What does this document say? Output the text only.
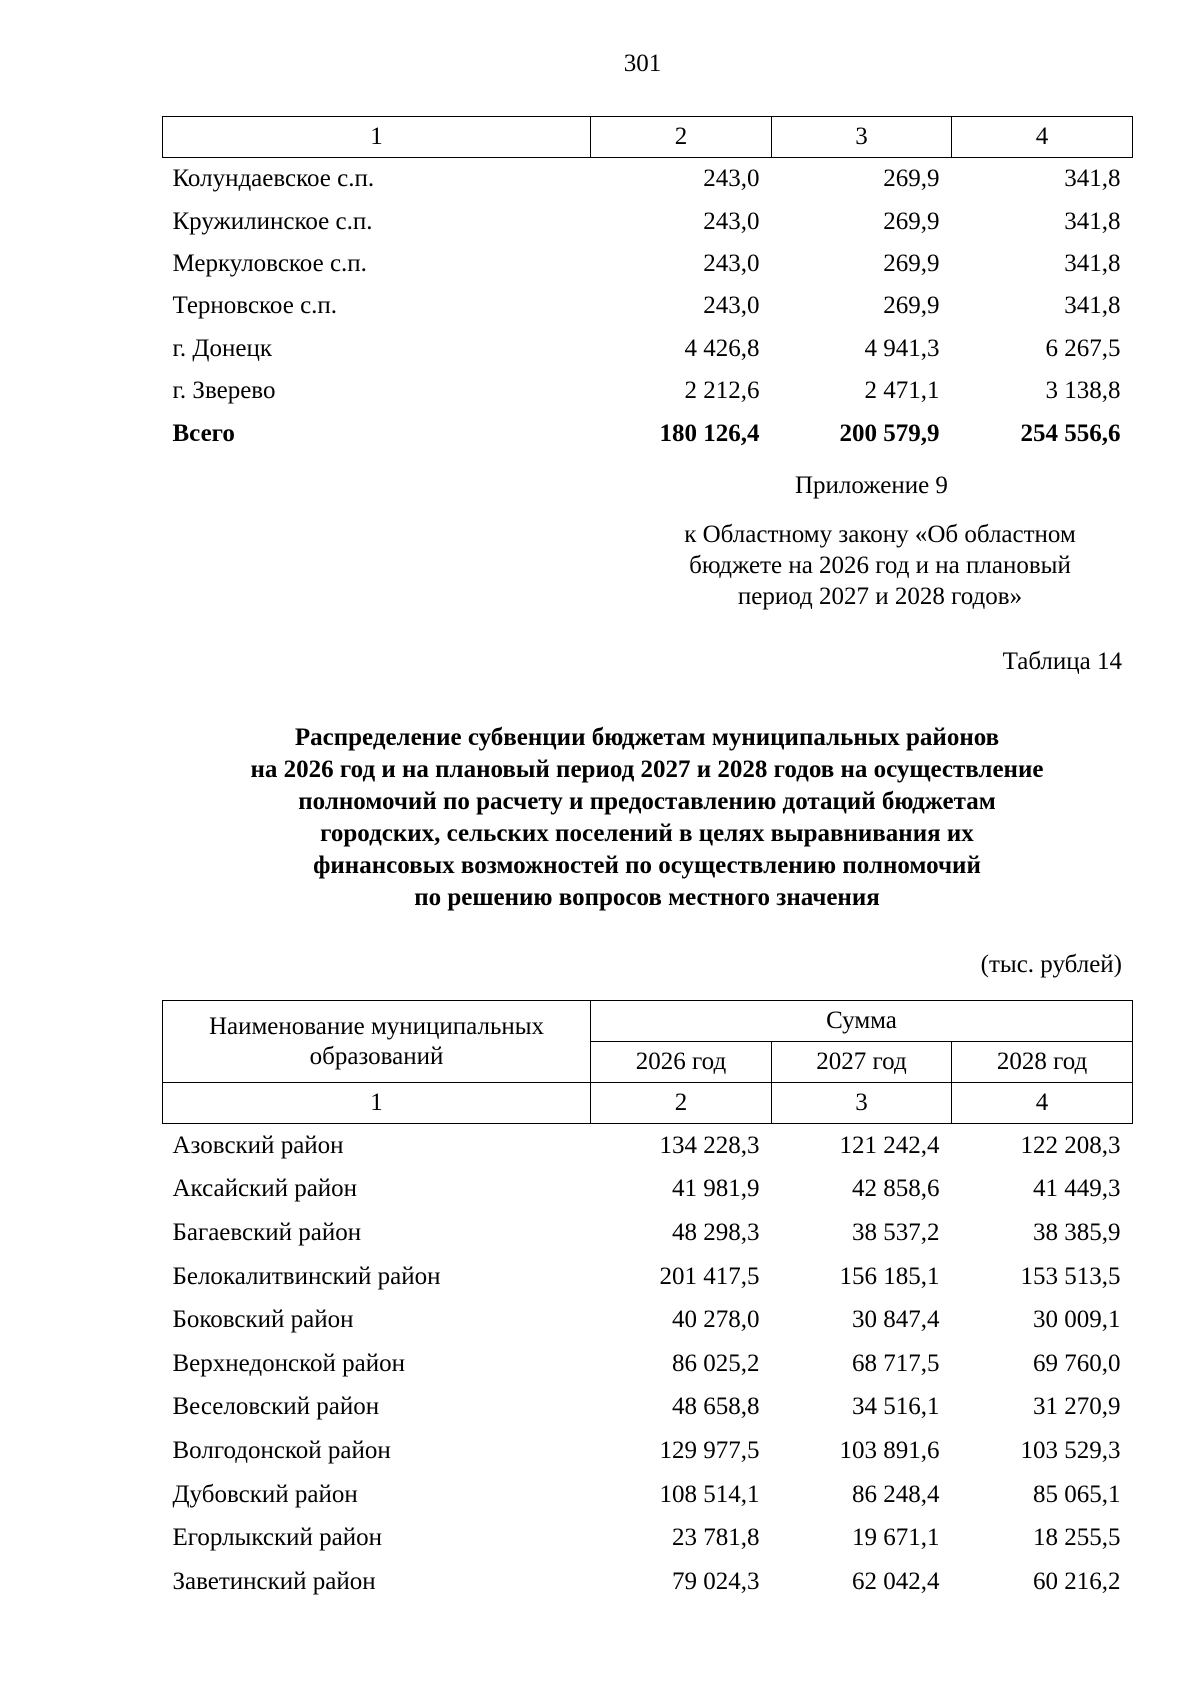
301
1	2	3	4
Колундаевское с.п.	243,0	269,9	341,8
Кружилинское с.п.	243,0	269,9	341,8
Меркуловское с.п.	243,0	269,9	341,8
Терновское с.п.	243,0	269,9	341,8
г. Донецк	4 426,8	4 941,3	6 267,5
г. Зверево	2 212,6	2 471,1	3 138,8
Всего	180 126,4	200 579,9	254 556,6
Приложение 9
к Областному закону «Об областном
бюджете на 2026 год и на плановый
период 2027 и 2028 годов»
Таблица 14
Распределение субвенции бюджетам муниципальных районов
на 2026 год и на плановый период 2027 и 2028 годов на осуществление
полномочий по расчету и предоставлению дотаций бюджетам
городских, сельских поселений в целях выравнивания их
финансовых возможностей по осуществлению полномочий
по решению вопросов местного значения
(тыс. рублей)
Наименование муниципальных образований	Сумма		
	2026 год	2027 год	2028 год
1	2	3	4
Азовский район	134 228,3	121 242,4	122 208,3
Аксайский район	41 981,9	42 858,6	41 449,3
Багаевский район	48 298,3	38 537,2	38 385,9
Белокалитвинский район	201 417,5	156 185,1	153 513,5
Боковский район	40 278,0	30 847,4	30 009,1
Верхнедонской район	86 025,2	68 717,5	69 760,0
Веселовский район	48 658,8	34 516,1	31 270,9
Волгодонской район	129 977,5	103 891,6	103 529,3
Дубовский район	108 514,1	86 248,4	85 065,1
Егорлыкский район	23 781,8	19 671,1	18 255,5
Заветинский район	79 024,3	62 042,4	60 216,2
